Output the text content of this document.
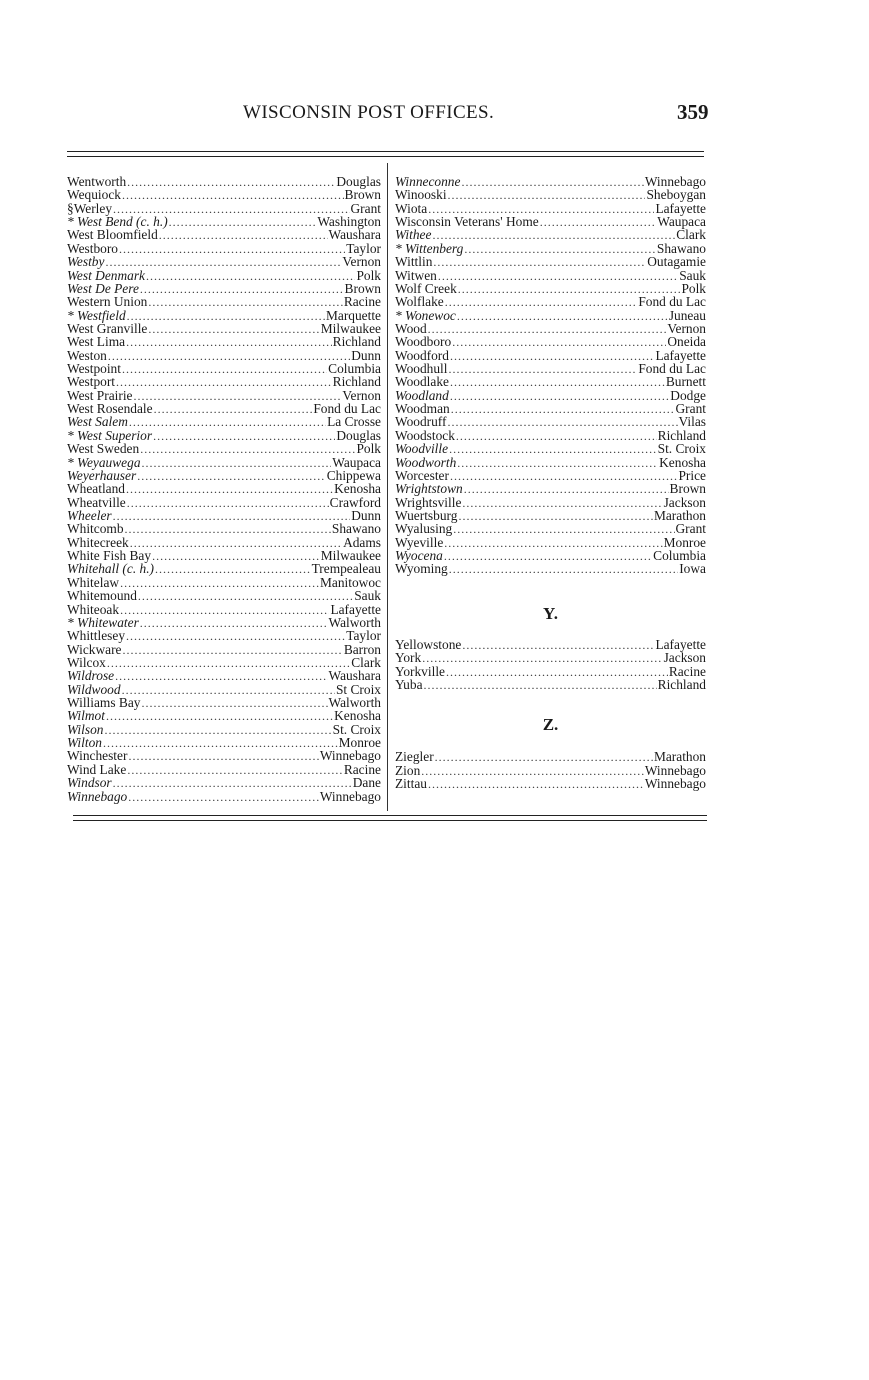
WISCONSIN POST OFFICES.	359
Wentworth .....	Douglas
Wequiock .....	Brown
§Werley .....	Grant
* West Bend (c. h.) .....	Washington
West Bloomfield .....	Waushara
Westboro .....	Taylor
Westby .....	Vernon
West Denmark .....	Polk
West De Pere .....	Brown
Western Union .....	Racine
* Westfield .....	Marquette
West Granville .....	Milwaukee
West Lima .....	Richland
Weston .....	Dunn
Westpoint .....	Columbia
Westport .....	Richland
West Prairie .....	Vernon
West Rosendale .....	Fond du Lac
West Salem .....	La Crosse
* West Superior .....	Douglas
West Sweden .....	Polk
* Weyauwega .....	Waupaca
Weyerhauser .....	Chippewa
Wheatland .....	Kenosha
Wheatville .....	Crawford
Wheeler .....	Dunn
Whitcomb .....	Shawano
Whitecreek .....	Adams
White Fish Bay .....	Milwaukee
Whitehall (c. h.) .....	Trempealeau
Whitelaw .....	Manitowoc
Whitemound .....	Sauk
Whiteoak .....	Lafayette
* Whitewater .....	Walworth
Whittlesey .....	Taylor
Wickware .....	Barron
Wilcox .....	Clark
Wildrose .....	Waushara
Wildwood .....	St Croix
Williams Bay .....	Walworth
Wilmot .....	Kenosha
Wilson .....	St. Croix
Wilton .....	Monroe
Winchester .....	Winnebago
Wind Lake .....	Racine
Windsor .....	Dane
Winnebago .....	Winnebago
Winneconne .....	Winnebago
Winooski .....	Sheboygan
Wiota .....	Lafayette
Wisconsin Veterans' Home .....	Waupaca
Withee .....	Clark
* Wittenberg .....	Shawano
Wittlin .....	Outagamie
Witwen .....	Sauk
Wolf Creek .....	Polk
Wolflake .....	Fond du Lac
* Wonewoc .....	Juneau
Wood .....	Vernon
Woodboro .....	Oneida
Woodford .....	Lafayette
Woodhull .....	Fond du Lac
Woodlake .....	Burnett
Woodland .....	Dodge
Woodman .....	Grant
Woodruff .....	Vilas
Woodstock .....	Richland
Woodville .....	St. Croix
Woodworth .....	Kenosha
Worcester .....	Price
Wrightstown .....	Brown
Wrightsville .....	Jackson
Wuertsburg .....	Marathon
Wyalusing .....	Grant
Wyeville .....	Monroe
Wyocena .....	Columbia
Wyoming .....	Iowa
Y.
Yellowstone .....	Lafayette
York .....	Jackson
Yorkville .....	Racine
Yuba .....	Richland
Z.
Ziegler .....	Marathon
Zion .....	Winnebago
Zittau .....	Winnebago
